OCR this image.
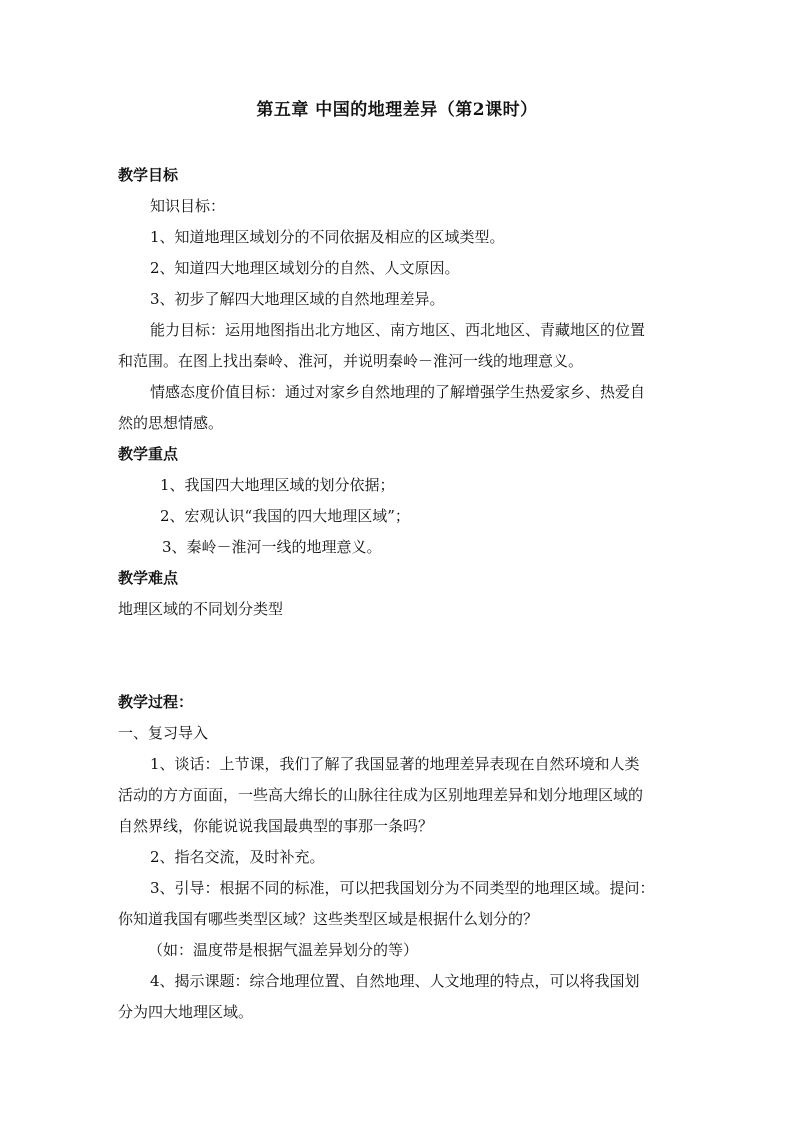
第五章 中国的地理差异（第2课时）
教学目标
知识目标：
1、知道地理区域划分的不同依据及相应的区域类型。
2、知道四大地理区域划分的自然、人文原因。
3、初步了解四大地理区域的自然地理差异。
能力目标：运用地图指出北方地区、南方地区、西北地区、青藏地区的位置
和范围。在图上找出秦岭、淮河，并说明秦岭－淮河一线的地理意义。
情感态度价值目标：通过对家乡自然地理的了解增强学生热爱家乡、热爱自
然的思想情感。
教学重点
1、我国四大地理区域的划分依据；
2、宏观认识“我国的四大地理区域”；
3、秦岭－淮河一线的地理意义。
教学难点
地理区域的不同划分类型
教学过程：
一、复习导入
1、谈话：上节课，我们了解了我国显著的地理差异表现在自然环境和人类
活动的方方面面，一些高大绵长的山脉往往成为区别地理差异和划分地理区域的
自然界线，你能说说我国最典型的事那一条吗？
2、指名交流，及时补充。
3、引导：根据不同的标准，可以把我国划分为不同类型的地理区域。提问：
你知道我国有哪些类型区域？这些类型区域是根据什么划分的？
（如：温度带是根据气温差异划分的等）
4、揭示课题：综合地理位置、自然地理、人文地理的特点，可以将我国划
分为四大地理区域。
